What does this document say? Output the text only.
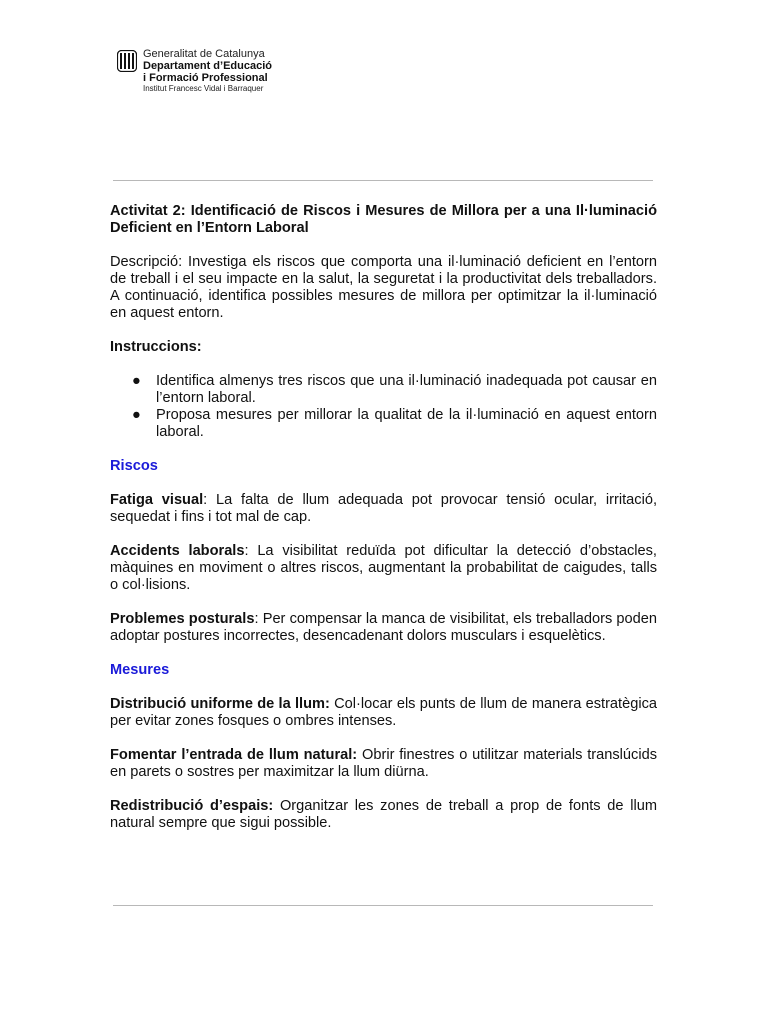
Generalitat de Catalunya
Departament d’Educació
i Formació Professional
Institut Francesc Vidal i Barraquer

Activitat 2: Identificació de Riscos i Mesures de Millora per a una Il·luminació Deficient en l’Entorn Laboral

Descripció: Investiga els riscos que comporta una il·luminació deficient en l’entorn de treball i el seu impacte en la salut, la seguretat i la productivitat dels treballadors. A continuació, identifica possibles mesures de millora per optimitzar la il·luminació en aquest entorn.

Instruccions:

● Identifica almenys tres riscos que una il·luminació inadequada pot causar en l’entorn laboral.
● Proposa mesures per millorar la qualitat de la il·luminació en aquest entorn laboral.

Riscos

Fatiga visual: La falta de llum adequada pot provocar tensió ocular, irritació, sequedat i fins i tot mal de cap.

Accidents laborals: La visibilitat reduïda pot dificultar la detecció d’obstacles, màquines en moviment o altres riscos, augmentant la probabilitat de caigudes, talls o col·lisions.

Problemes posturals: Per compensar la manca de visibilitat, els treballadors poden adoptar postures incorrectes, desencadenant dolors musculars i esquelètics.

Mesures

Distribució uniforme de la llum: Col·locar els punts de llum de manera estratègica per evitar zones fosques o ombres intenses.

Fomentar l’entrada de llum natural: Obrir finestres o utilitzar materials translúcids en parets o sostres per maximitzar la llum diürna.

Redistribució d’espais: Organitzar les zones de treball a prop de fonts de llum natural sempre que sigui possible.
